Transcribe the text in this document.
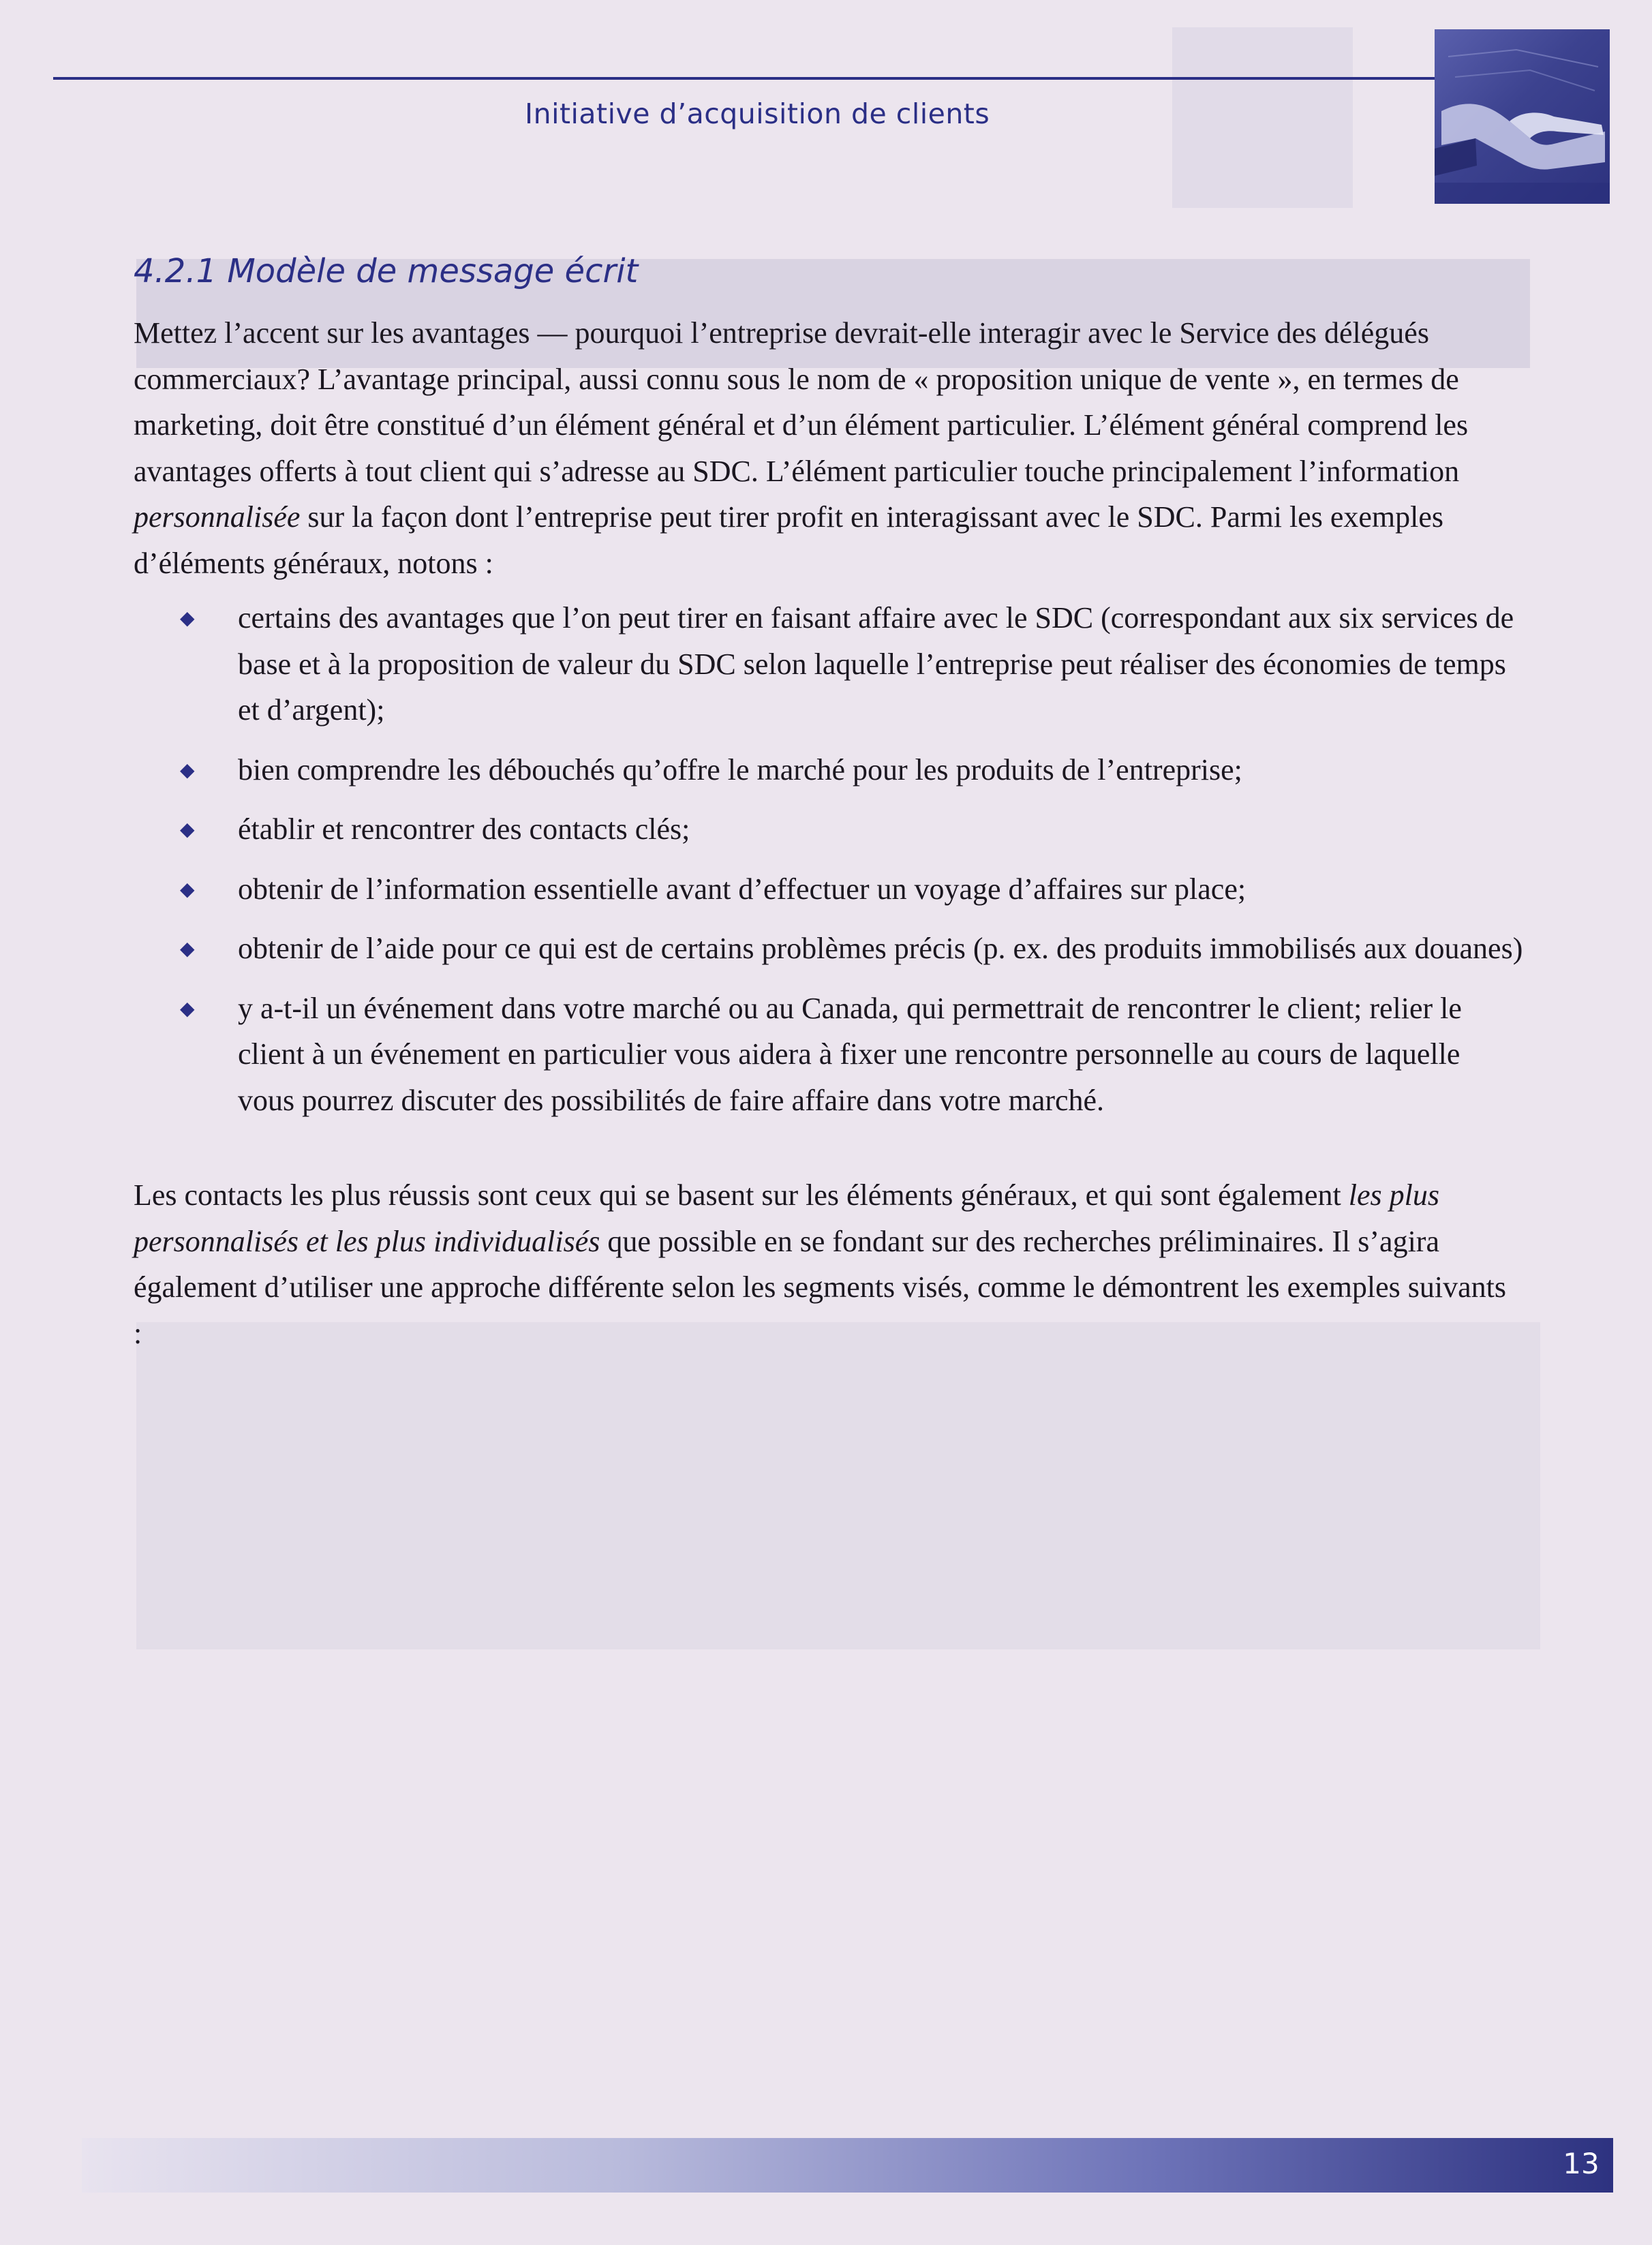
Initiative d’acquisition de clients
4.2.1 Modèle de message écrit

Mettez l’accent sur les avantages — pourquoi l’entreprise devrait-elle interagir avec le Service des délégués commerciaux? L’avantage principal, aussi connu sous le nom de « proposition unique de vente », en termes de marketing, doit être constitué d’un élément général et d’un élément particulier. L’élément général comprend les avantages offerts à tout client qui s’adresse au SDC. L’élément particulier touche principalement l’information personnalisée sur la façon dont l’entreprise peut tirer profit en interagissant avec le SDC. Parmi les exemples d’éléments généraux, notons :

◆ certains des avantages que l’on peut tirer en faisant affaire avec le SDC (correspondant aux six services de base et à la proposition de valeur du SDC selon laquelle l’entreprise peut réaliser des économies de temps et d’argent);
◆ bien comprendre les débouchés qu’offre le marché pour les produits de l’entreprise;
◆ établir et rencontrer des contacts clés;
◆ obtenir de l’information essentielle avant d’effectuer un voyage d’affaires sur place;
◆ obtenir de l’aide pour ce qui est de certains problèmes précis (p. ex. des produits immobilisés aux douanes)
◆ y a-t-il un événement dans votre marché ou au Canada, qui permettrait de rencontrer le client; relier le client à un événement en particulier vous aidera à fixer une rencontre personnelle au cours de laquelle vous pourrez discuter des possibilités de faire affaire dans votre marché.

Les contacts les plus réussis sont ceux qui se basent sur les éléments généraux, et qui sont également les plus personnalisés et les plus individualisés que possible en se fondant sur des recherches préliminaires. Il s’agira également d’utiliser une approche différente selon les segments visés, comme le démontrent les exemples suivants :

13
